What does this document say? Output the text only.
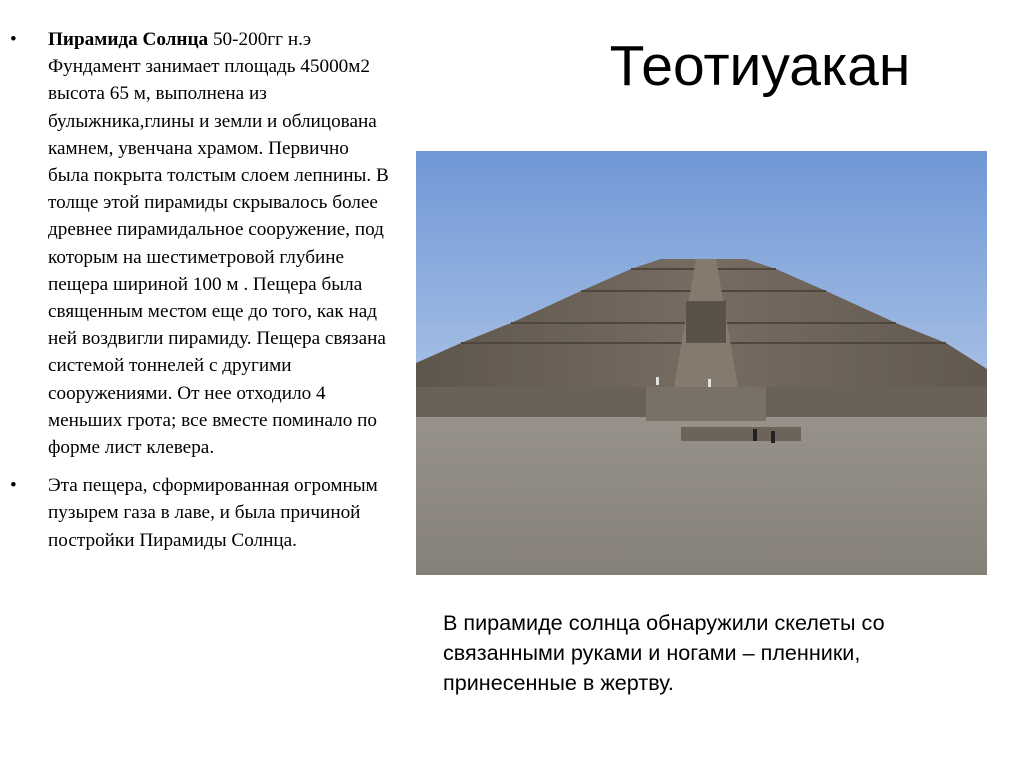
•	Пирамида Солнца 50-200гг н.э Фундамент занимает площадь 45000м2 высота 65 м, выполнена из булыжника,глины и земли и облицована камнем, увенчана храмом. Первично была покрыта толстым слоем лепнины. В толще этой пирамиды скрывалось более древнее пирамидальное сооружение, под которым на шестиметровой глубине пещера шириной 100 м . Пещера была священным местом еще до того, как над ней воздвигли пирамиду. Пещера связана системой тоннелей с другими сооружениями. От нее отходило 4 меньших грота; все вместе поминало по форме лист клевера.
•	Эта пещера, сформированная огромным пузырем газа в лаве, и была причиной постройки Пирамиды Солнца.
Теотиуакан

В пирамиде солнца обнаружили скелеты со связанными руками и ногами – пленники, принесенные в жертву.
